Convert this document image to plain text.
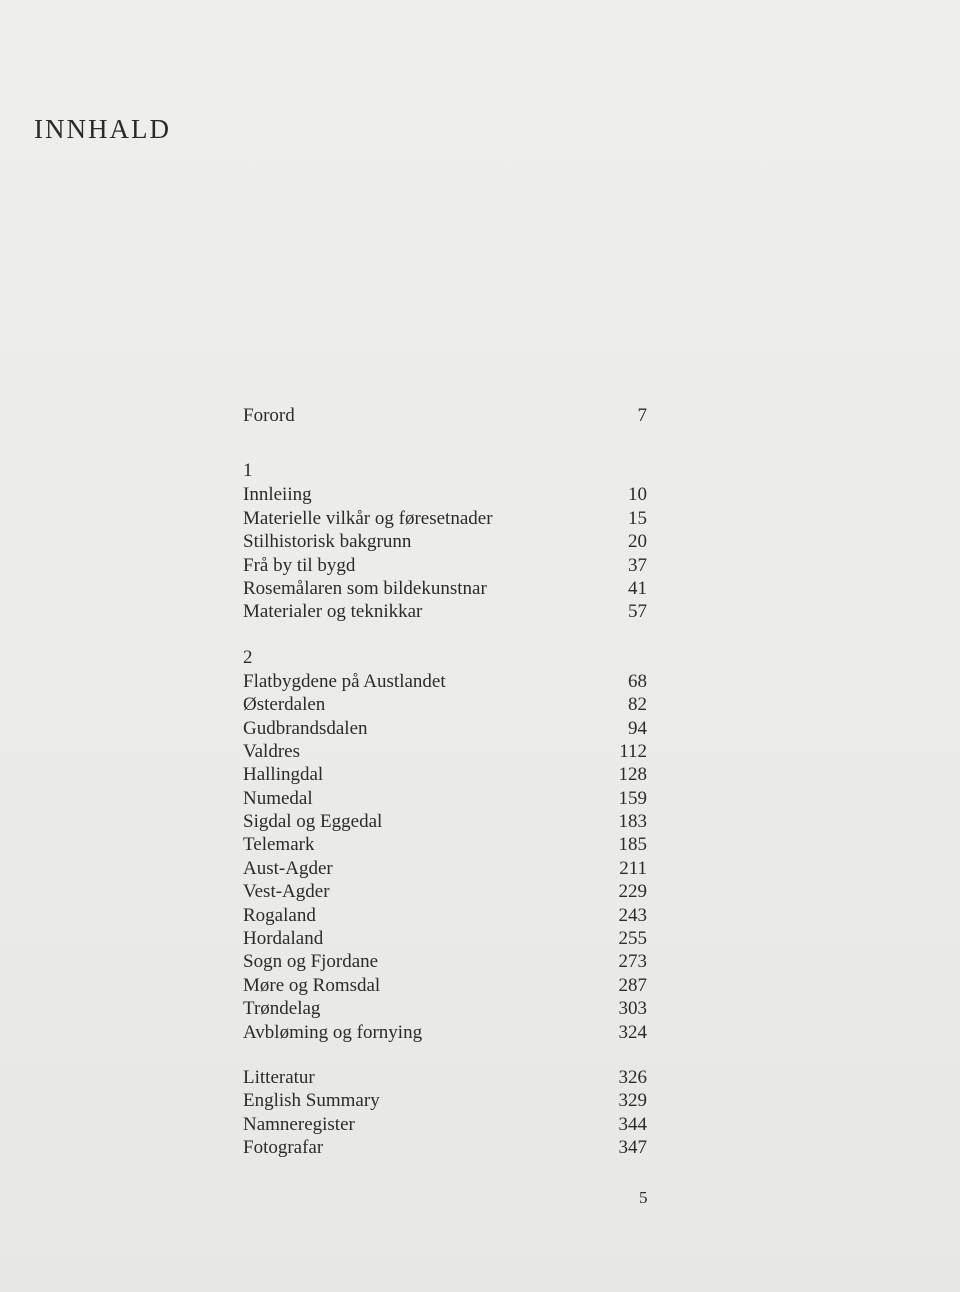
INNHALD
Forord	7
1
Innleiing	10
Materielle vilkår og føresetnader	15
Stilhistorisk bakgrunn	20
Frå by til bygd	37
Rosemålaren som bildekunstnar	41
Materialer og teknikkar	57
2
Flatbygdene på Austlandet	68
Østerdalen	82
Gudbrandsdalen	94
Valdres	112
Hallingdal	128
Numedal	159
Sigdal og Eggedal	183
Telemark	185
Aust-Agder	211
Vest-Agder	229
Rogaland	243
Hordaland	255
Sogn og Fjordane	273
Møre og Romsdal	287
Trøndelag	303
Avbløming og fornying	324
Litteratur	326
English Summary	329
Namneregister	344
Fotografar	347
5
